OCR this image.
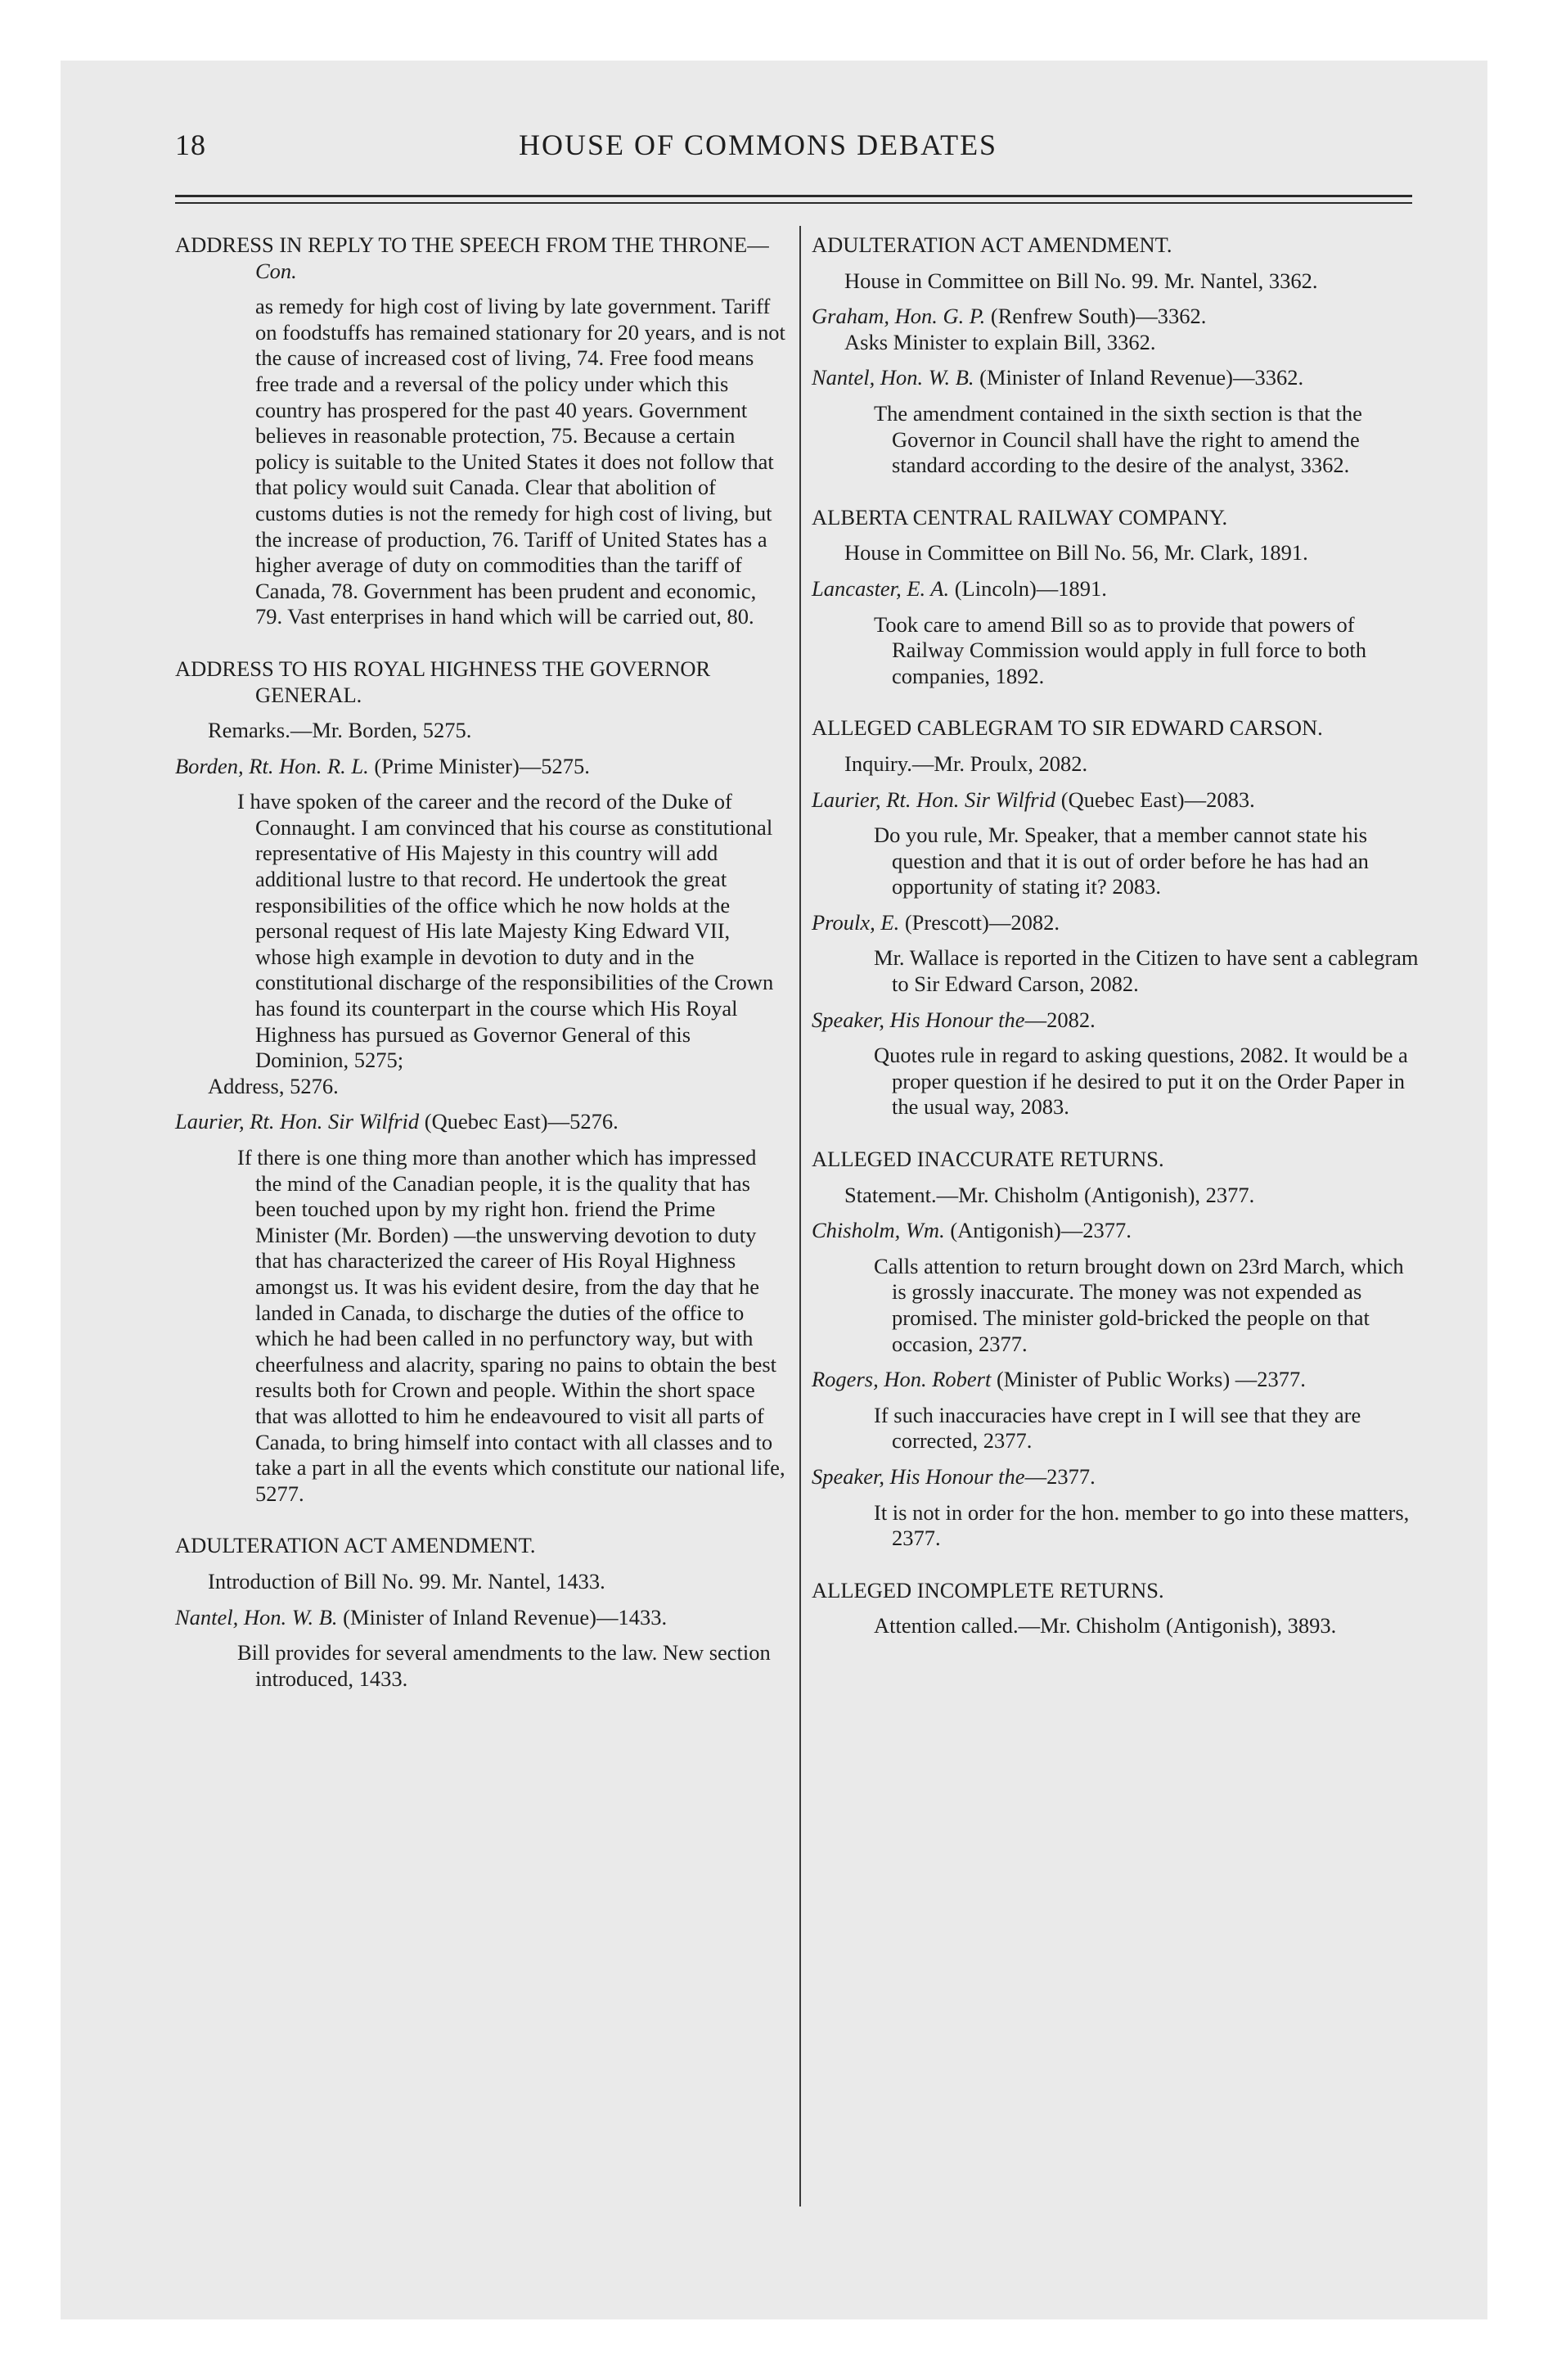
18	HOUSE OF COMMONS DEBATES

ADDRESS IN REPLY TO THE SPEECH FROM THE THRONE—Con.

as remedy for high cost of living by late government. Tariff on foodstuffs has remained stationary for 20 years, and is not the cause of increased cost of living, 74. Free food means free trade and a reversal of the policy under which this country has prospered for the past 40 years. Government believes in reasonable protection, 75. Because a certain policy is suitable to the United States it does not follow that that policy would suit Canada. Clear that abolition of customs duties is not the remedy for high cost of living, but the increase of production, 76. Tariff of United States has a higher average of duty on commodities than the tariff of Canada, 78. Government has been prudent and economic, 79. Vast enterprises in hand which will be carried out, 80.

ADDRESS TO HIS ROYAL HIGHNESS THE GOVERNOR GENERAL.

Remarks.—Mr. Borden, 5275.

Borden, Rt. Hon. R. L. (Prime Minister)—5275.

I have spoken of the career and the record of the Duke of Connaught. I am convinced that his course as constitutional representative of His Majesty in this country will add additional lustre to that record. He undertook the great responsibilities of the office which he now holds at the personal request of His late Majesty King Edward VII, whose high example in devotion to duty and in the constitutional discharge of the responsibilities of the Crown has found its counterpart in the course which His Royal Highness has pursued as Governor General of this Dominion, 5275;

Address, 5276.

Laurier, Rt. Hon. Sir Wilfrid (Quebec East)—5276.

If there is one thing more than another which has impressed the mind of the Canadian people, it is the quality that has been touched upon by my right hon. friend the Prime Minister (Mr. Borden) —the unswerving devotion to duty that has characterized the career of His Royal Highness amongst us. It was his evident desire, from the day that he landed in Canada, to discharge the duties of the office to which he had been called in no perfunctory way, but with cheerfulness and alacrity, sparing no pains to obtain the best results both for Crown and people. Within the short space that was allotted to him he endeavoured to visit all parts of Canada, to bring himself into contact with all classes and to take a part in all the events which constitute our national life, 5277.

ADULTERATION ACT AMENDMENT.

Introduction of Bill No. 99. Mr. Nantel, 1433.

Nantel, Hon. W. B. (Minister of Inland Revenue)—1433.

Bill provides for several amendments to the law. New section introduced, 1433.

ADULTERATION ACT AMENDMENT.

House in Committee on Bill No. 99. Mr. Nantel, 3362.

Graham, Hon. G. P. (Renfrew South)—3362.

Asks Minister to explain Bill, 3362.

Nantel, Hon. W. B. (Minister of Inland Revenue)—3362.

The amendment contained in the sixth section is that the Governor in Council shall have the right to amend the standard according to the desire of the analyst, 3362.

ALBERTA CENTRAL RAILWAY COMPANY.

House in Committee on Bill No. 56, Mr. Clark, 1891.

Lancaster, E. A. (Lincoln)—1891.

Took care to amend Bill so as to provide that powers of Railway Commission would apply in full force to both companies, 1892.

ALLEGED CABLEGRAM TO SIR EDWARD CARSON.

Inquiry.—Mr. Proulx, 2082.

Laurier, Rt. Hon. Sir Wilfrid (Quebec East)—2083.

Do you rule, Mr. Speaker, that a member cannot state his question and that it is out of order before he has had an opportunity of stating it? 2083.

Proulx, E. (Prescott)—2082.

Mr. Wallace is reported in the Citizen to have sent a cablegram to Sir Edward Carson, 2082.

Speaker, His Honour the—2082.

Quotes rule in regard to asking questions, 2082. It would be a proper question if he desired to put it on the Order Paper in the usual way, 2083.

ALLEGED INACCURATE RETURNS.

Statement.—Mr. Chisholm (Antigonish), 2377.

Chisholm, Wm. (Antigonish)—2377.

Calls attention to return brought down on 23rd March, which is grossly inaccurate. The money was not expended as promised. The minister gold-bricked the people on that occasion, 2377.

Rogers, Hon. Robert (Minister of Public Works) —2377.

If such inaccuracies have crept in I will see that they are corrected, 2377.

Speaker, His Honour the—2377.

It is not in order for the hon. member to go into these matters, 2377.

ALLEGED INCOMPLETE RETURNS.

Attention called.—Mr. Chisholm (Antigonish), 3893.
